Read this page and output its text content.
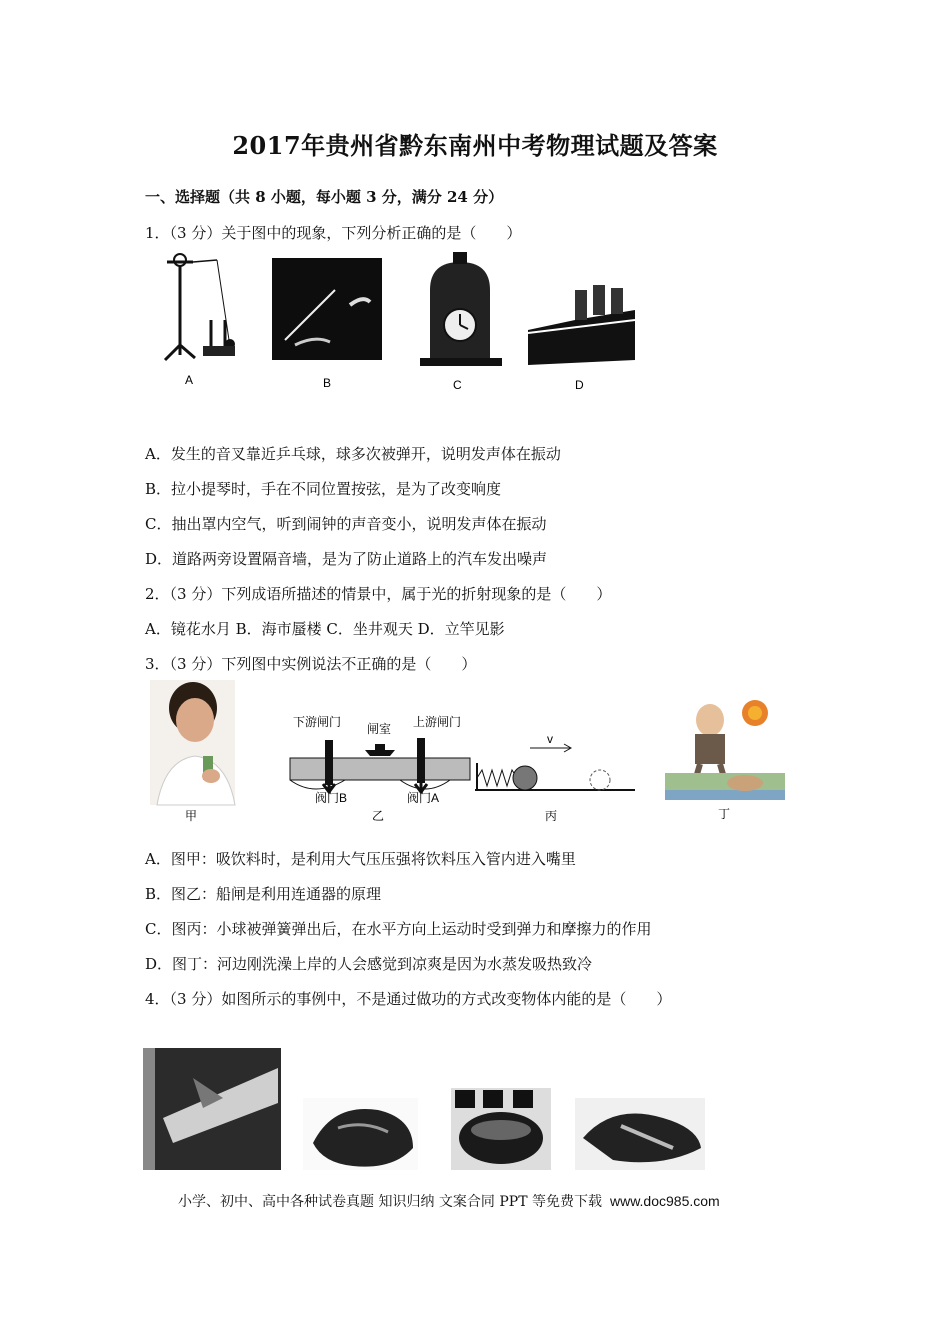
2017年贵州省黔东南州中考物理试题及答案
一、选择题（共 8 小题，每小题 3 分，满分 24 分）
1．（3 分）关于图中的现象，下列分析正确的是（　　）
A	B	C	D
A．发生的音叉靠近乒乓球，球多次被弹开，说明发声体在振动
B．拉小提琴时，手在不同位置按弦，是为了改变响度
C．抽出罩内空气，听到闹钟的声音变小，说明发声体在振动
D．道路两旁设置隔音墙，是为了防止道路上的汽车发出噪声
2．（3 分）下列成语所描述的情景中，属于光的折射现象的是（　　）
A．镜花水月 B．海市蜃楼 C．坐井观天 D．立竿见影
3．（3 分）下列图中实例说法不正确的是（　　）
下游闸门 闸室 上游闸门
阀门B	阀门A
v
甲	乙	丙	丁
A．图甲：吸饮料时，是利用大气压压强将饮料压入管内进入嘴里
B．图乙：船闸是利用连通器的原理
C．图丙：小球被弹簧弹出后，在水平方向上运动时受到弹力和摩擦力的作用
D．图丁：河边刚洗澡上岸的人会感觉到凉爽是因为水蒸发吸热致冷
4．（3 分）如图所示的事例中，不是通过做功的方式改变物体内能的是（　　）
小学、初中、高中各种试卷真题 知识归纳 文案合同 PPT 等免费下载 www.doc985.com
